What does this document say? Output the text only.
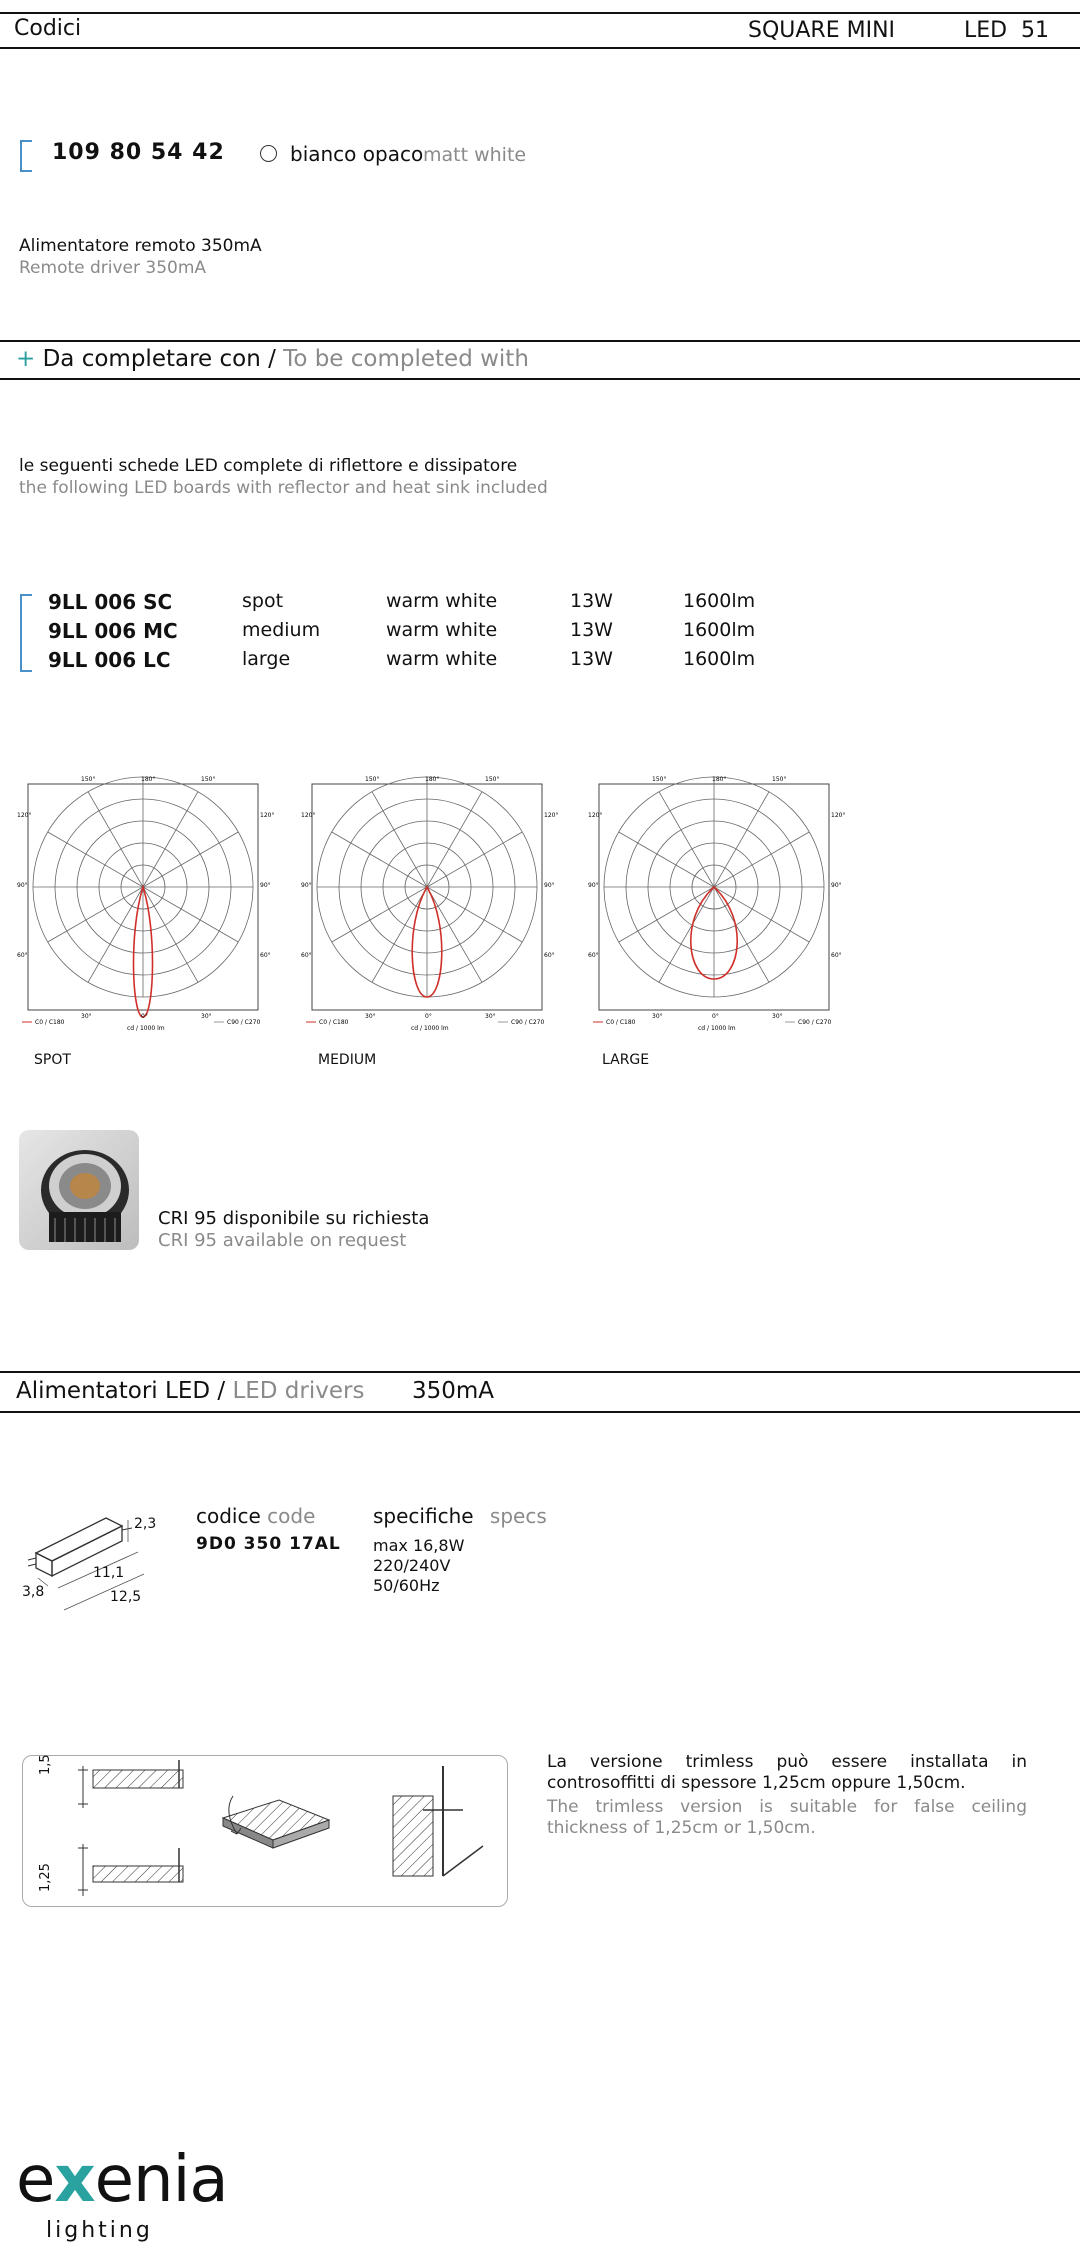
Codici	SQUARE MINI	LED 51
109 80 54 42	bianco opaco matt white
Alimentatore remoto 350mA
Remote driver 350mA
+ Da completare con / To be completed with
le seguenti schede LED complete di riflettore e dissipatore
the following LED boards with reflector and heat sink included
9LL 006 SC	spot	warm white	13W	1600lm
9LL 006 MC	medium	warm white	13W	1600lm
9LL 006 LC	large	warm white	13W	1600lm
150°	180°	150°
120°	120°
90°	90°
60°	60°
30°	0°	30°
C0 / C180	C90 / C270
cd / 1000 lm
150°	180°	150°
120°	120°
90°	90°
60°	60°
30°	0°	30°
C0 / C180	C90 / C270
cd / 1000 lm
150°	180°	150°
120°	120°
90°	90°
60°	60°
30°	0°	30°
C0 / C180	C90 / C270
cd / 1000 lm
SPOT	MEDIUM	LARGE
CRI 95 disponibile su richiesta
CRI 95 available on request
Alimentatori LED / LED drivers 350mA
2,3
3,8
11,1
12,5
codice code
9D0 350 17AL
specifiche specs
max 16,8W
220/240V
50/60Hz
1,5
1,25
La versione trimless può essere installata in controsoffitti di spessore 1,25cm oppure 1,50cm.
The trimless version is suitable for false ceiling thickness of 1,25cm or 1,50cm.
exenia
lighting
